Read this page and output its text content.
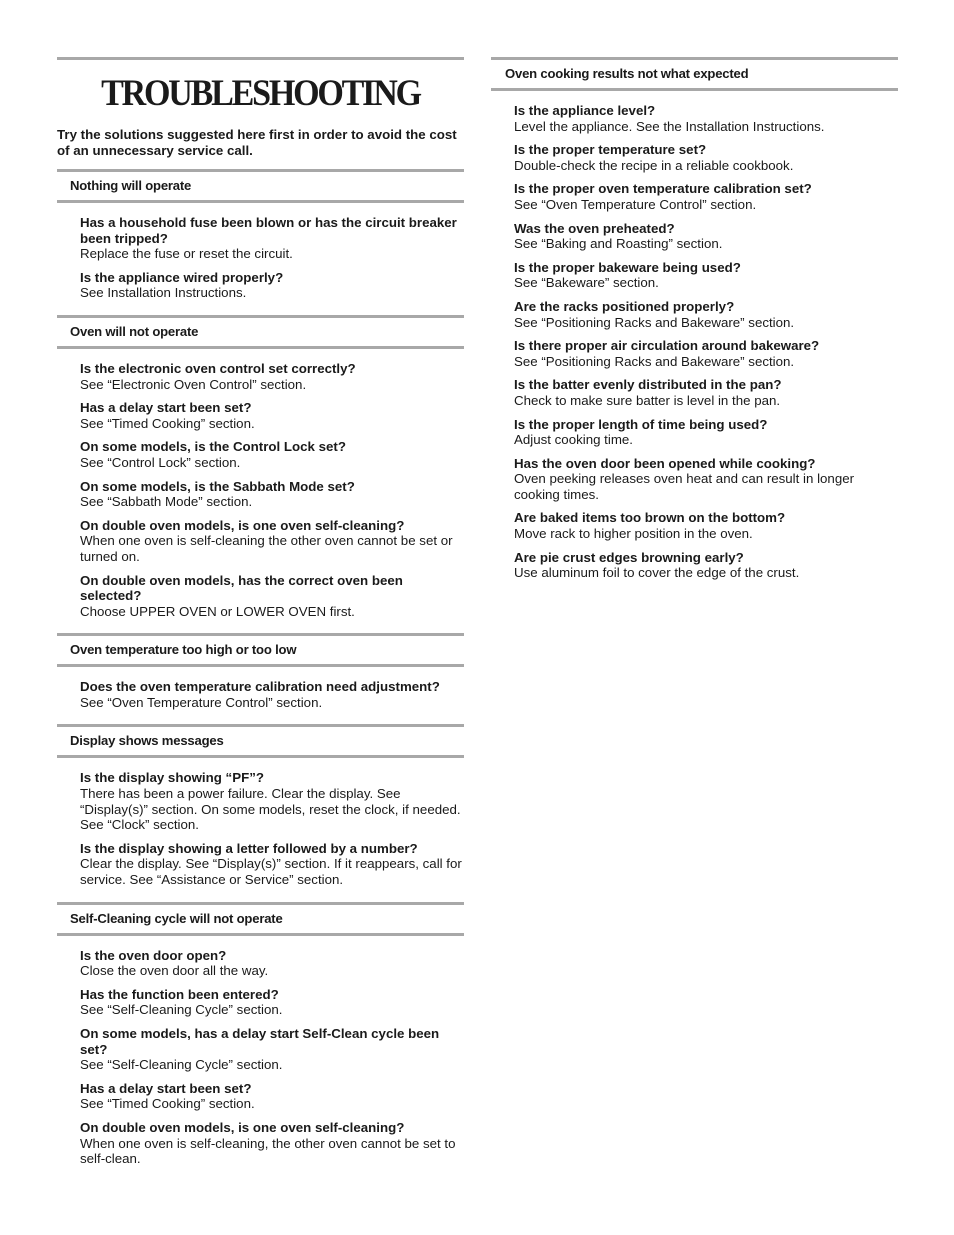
TROUBLESHOOTING

Try the solutions suggested here first in order to avoid the cost of an unnecessary service call.

Nothing will operate
Has a household fuse been blown or has the circuit breaker been tripped?
Replace the fuse or reset the circuit.
Is the appliance wired properly?
See Installation Instructions.
Oven will not operate
Is the electronic oven control set correctly?
See “Electronic Oven Control” section.
Has a delay start been set?
See “Timed Cooking” section.
On some models, is the Control Lock set?
See “Control Lock” section.
On some models, is the Sabbath Mode set?
See “Sabbath Mode” section.
On double oven models, is one oven self-cleaning?
When one oven is self-cleaning the other oven cannot be set or turned on.
On double oven models, has the correct oven been selected?
Choose UPPER OVEN or LOWER OVEN first.
Oven temperature too high or too low
Does the oven temperature calibration need adjustment?
See “Oven Temperature Control” section.
Display shows messages
Is the display showing “PF”?
There has been a power failure. Clear the display. See “Display(s)” section. On some models, reset the clock, if needed. See “Clock” section.
Is the display showing a letter followed by a number?
Clear the display. See “Display(s)” section. If it reappears, call for service. See “Assistance or Service” section.
Self-Cleaning cycle will not operate
Is the oven door open?
Close the oven door all the way.
Has the function been entered?
See “Self-Cleaning Cycle” section.
On some models, has a delay start Self-Clean cycle been set?
See “Self-Cleaning Cycle” section.
Has a delay start been set?
See “Timed Cooking” section.
On double oven models, is one oven self-cleaning?
When one oven is self-cleaning, the other oven cannot be set to self-clean.
Oven cooking results not what expected
Is the appliance level?
Level the appliance. See the Installation Instructions.
Is the proper temperature set?
Double-check the recipe in a reliable cookbook.
Is the proper oven temperature calibration set?
See “Oven Temperature Control” section.
Was the oven preheated?
See “Baking and Roasting” section.
Is the proper bakeware being used?
See “Bakeware” section.
Are the racks positioned properly?
See “Positioning Racks and Bakeware” section.
Is there proper air circulation around bakeware?
See “Positioning Racks and Bakeware” section.
Is the batter evenly distributed in the pan?
Check to make sure batter is level in the pan.
Is the proper length of time being used?
Adjust cooking time.
Has the oven door been opened while cooking?
Oven peeking releases oven heat and can result in longer cooking times.
Are baked items too brown on the bottom?
Move rack to higher position in the oven.
Are pie crust edges browning early?
Use aluminum foil to cover the edge of the crust.
